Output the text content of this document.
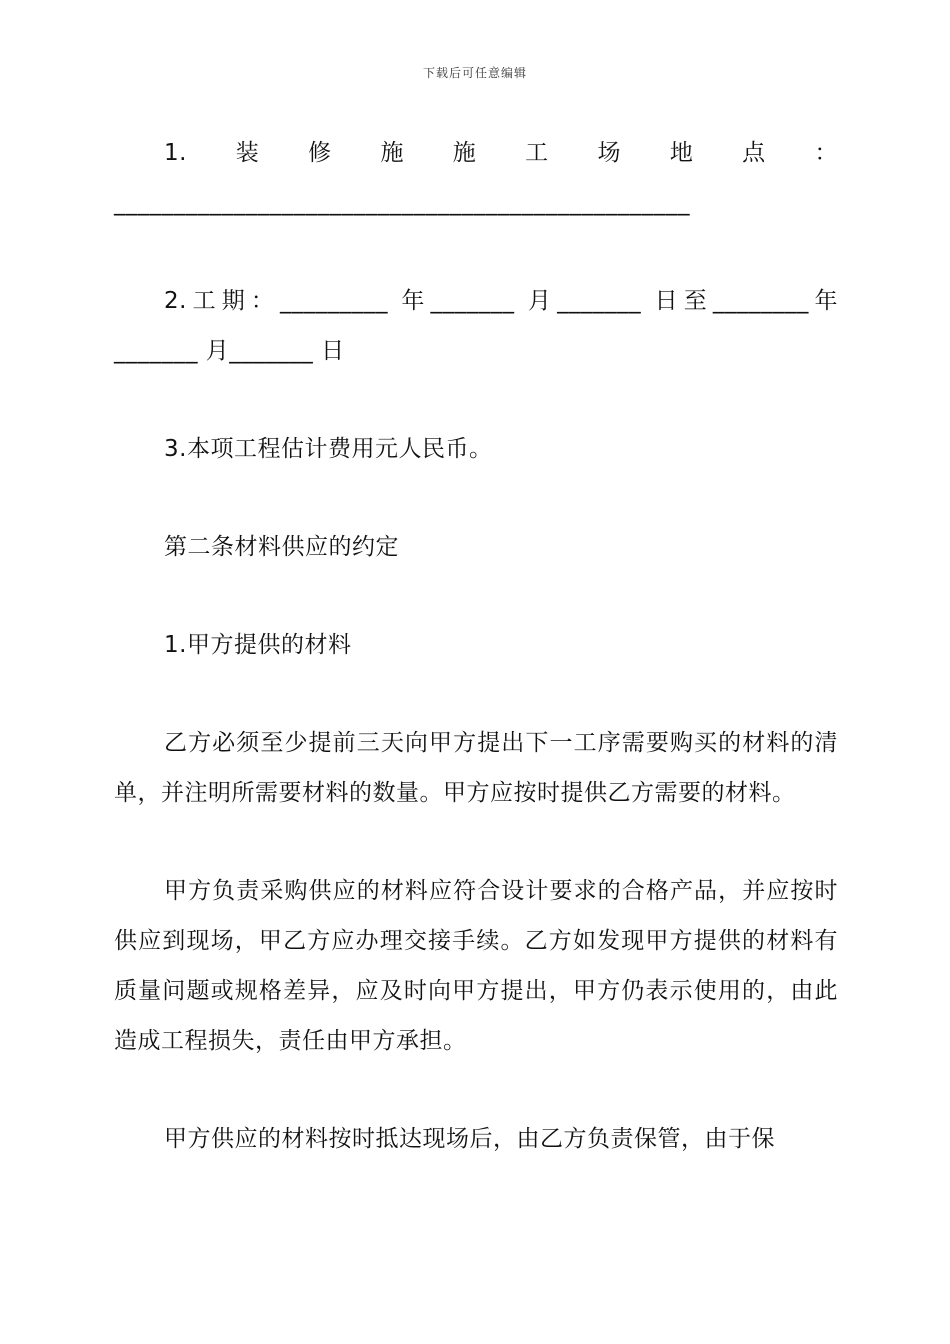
下载后可任意编辑

1.装修施施工场地点：________________________________________________

2.工期：_________ 年_______ 月_______ 日至________年_______ 月_______ 日

3.本项工程估计费用元人民币。

第二条材料供应的约定

1.甲方提供的材料

乙方必须至少提前三天向甲方提出下一工序需要购买的材料的清单，并注明所需要材料的数量。甲方应按时提供乙方需要的材料。

甲方负责采购供应的材料应符合设计要求的合格产品，并应按时供应到现场，甲乙方应办理交接手续。乙方如发现甲方提供的材料有质量问题或规格差异，应及时向甲方提出，甲方仍表示使用的，由此造成工程损失，责任由甲方承担。

甲方供应的材料按时抵达现场后，由乙方负责保管，由于保
